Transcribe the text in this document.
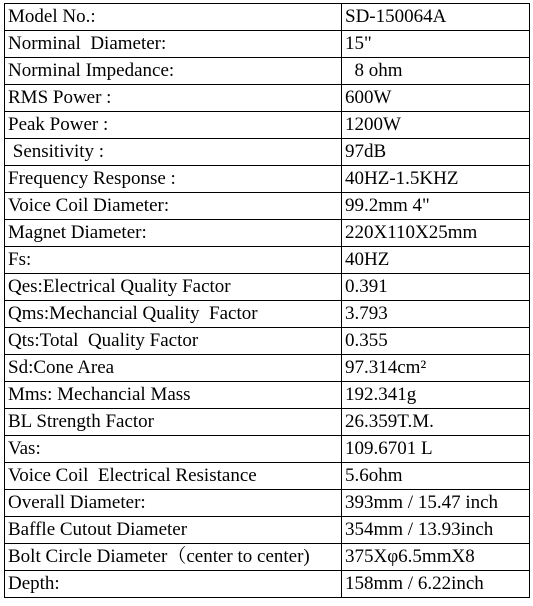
Model No.:	SD-150064A
Norminal  Diameter:	15"
Norminal Impedance:	8 ohm
RMS Power :	600W
Peak Power :	1200W
Sensitivity :	97dB
Frequency Response :	40HZ-1.5KHZ
Voice Coil Diameter:	99.2mm 4"
Magnet Diameter:	220X110X25mm
Fs:	40HZ
Qes:Electrical Quality Factor	0.391
Qms:Mechancial Quality  Factor	3.793
Qts:Total  Quality Factor	0.355
Sd:Cone Area	97.314cm²
Mms: Mechancial Mass	192.341g
BL Strength Factor	26.359T.M.
Vas:	109.6701 L
Voice Coil  Electrical Resistance	5.6ohm
Overall Diameter:	393mm / 15.47 inch
Baffle Cutout Diameter	354mm / 13.93inch
Bolt Circle Diameter（center to center)	375Xφ6.5mmX8
Depth:	158mm / 6.22inch
